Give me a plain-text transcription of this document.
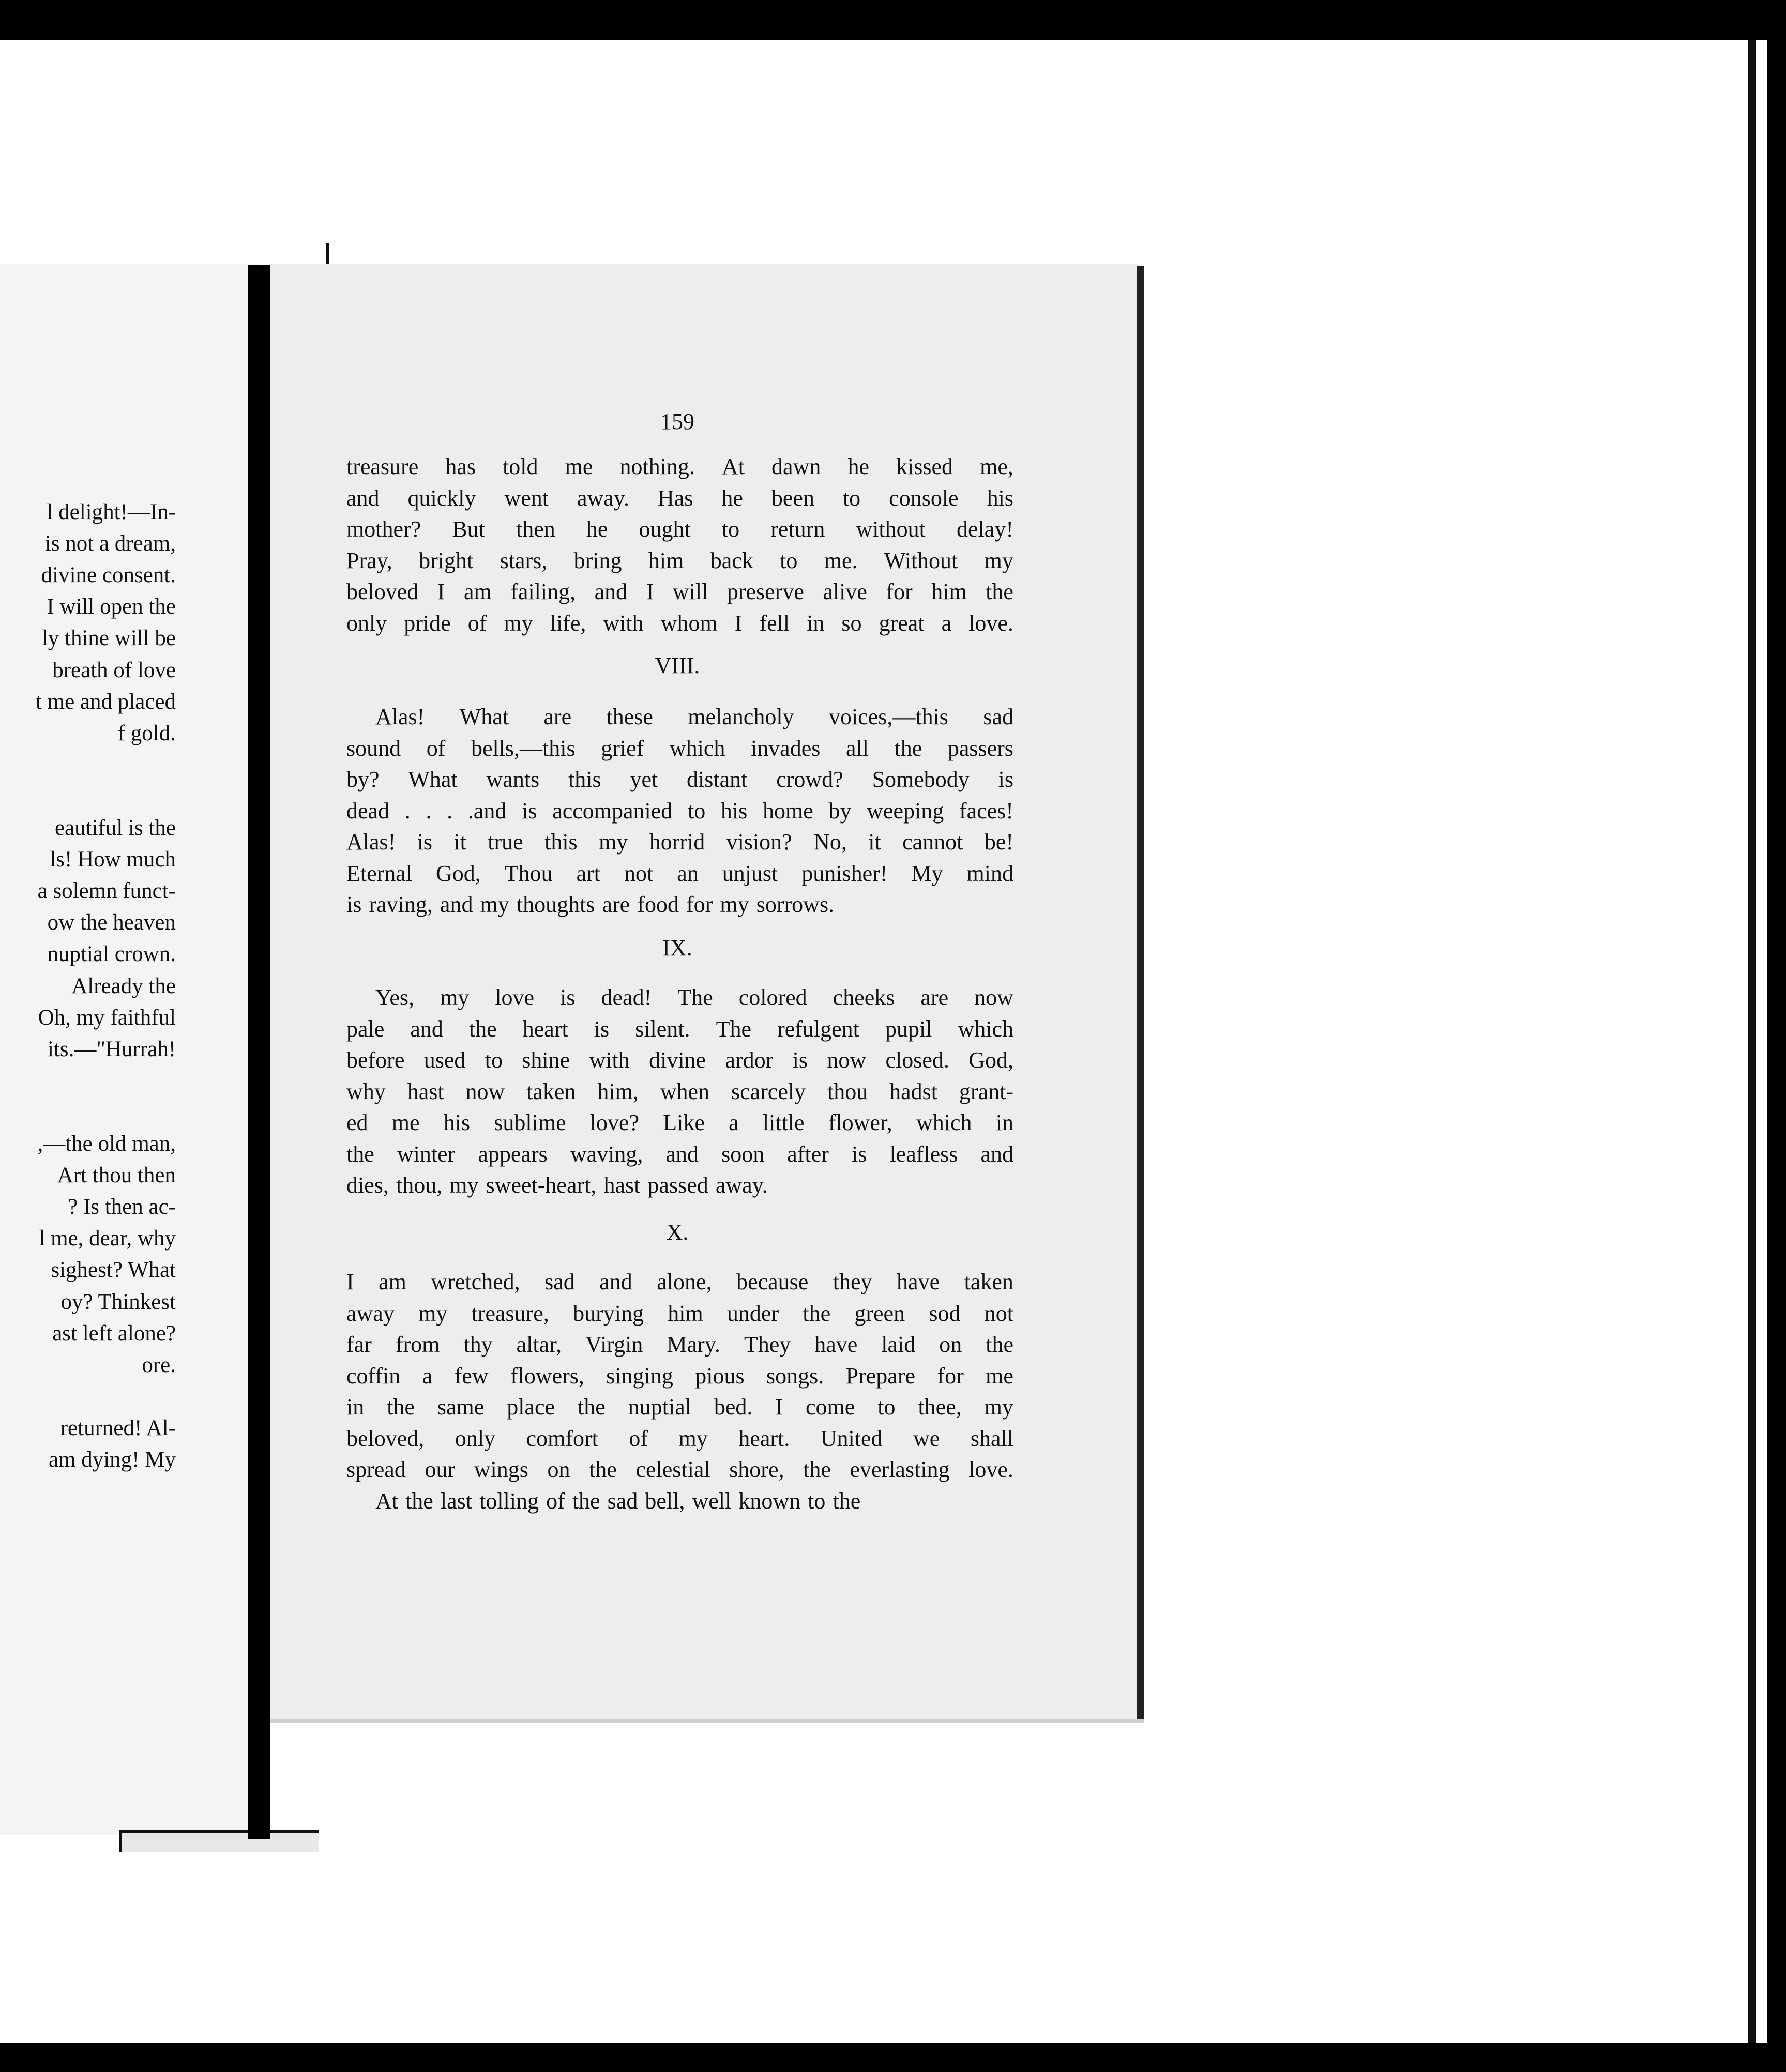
l delight!—In-
is not a dream,
divine consent.
I will open the
ly thine will be
breath of love
t me and placed
f gold.
eautiful is the
ls! How much
a solemn funct-
ow the heaven
nuptial crown.
Already the
Oh, my faithful
its.—"Hurrah!
,—the old man,
Art thou then
? Is then ac-
l me, dear, why
sighest? What
oy? Thinkest
ast left alone?
ore.
returned! Al-
am dying! My
159
treasure has told me nothing. At dawn he kissed me,
and quickly went away. Has he been to console his
mother? But then he ought to return without delay!
Pray, bright stars, bring him back to me. Without my
beloved I am failing, and I will preserve alive for him the
only pride of my life, with whom I fell in so great a love.
VIII.
Alas! What are these melancholy voices,—this sad
sound of bells,—this grief which invades all the passers
by? What wants this yet distant crowd? Somebody is
dead . . . .and is accompanied to his home by weeping faces!
Alas! is it true this my horrid vision? No, it cannot be!
Eternal God, Thou art not an unjust punisher! My mind
is raving, and my thoughts are food for my sorrows.
IX.
Yes, my love is dead! The colored cheeks are now
pale and the heart is silent. The refulgent pupil which
before used to shine with divine ardor is now closed. God,
why hast now taken him, when scarcely thou hadst grant-
ed me his sublime love? Like a little flower, which in
the winter appears waving, and soon after is leafless and
dies, thou, my sweet-heart, hast passed away.
X.
I am wretched, sad and alone, because they have taken
away my treasure, burying him under the green sod not
far from thy altar, Virgin Mary. They have laid on the
coffin a few flowers, singing pious songs. Prepare for me
in the same place the nuptial bed. I come to thee, my
beloved, only comfort of my heart. United we shall
spread our wings on the celestial shore, the everlasting love.
At the last tolling of the sad bell, well known to the
